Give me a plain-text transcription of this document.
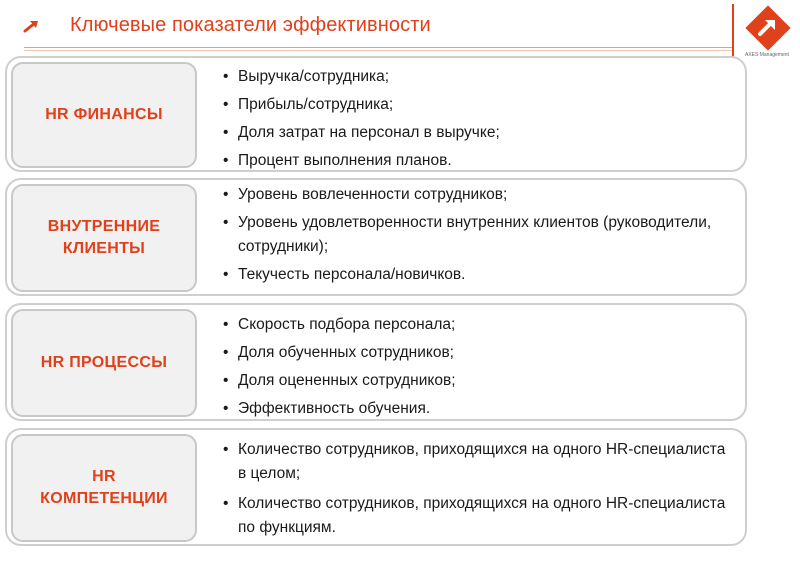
Ключевые показатели эффективности
AXES Management
HR ФИНАНСЫ
• Выручка/сотрудника;
• Прибыль/сотрудника;
• Доля затрат на персонал в выручке;
• Процент выполнения планов.
ВНУТРЕННИЕ
КЛИЕНТЫ
• Уровень вовлеченности сотрудников;
• Уровень удовлетворенности внутренних клиентов (руководители, сотрудники);
• Текучесть персонала/новичков.
HR ПРОЦЕССЫ
• Скорость подбора персонала;
• Доля обученных сотрудников;
• Доля оцененных сотрудников;
• Эффективность обучения.
HR
КОМПЕТЕНЦИИ
• Количество сотрудников, приходящихся на одного HR-специалиста в целом;
• Количество сотрудников, приходящихся на одного HR-специалиста по функциям.
